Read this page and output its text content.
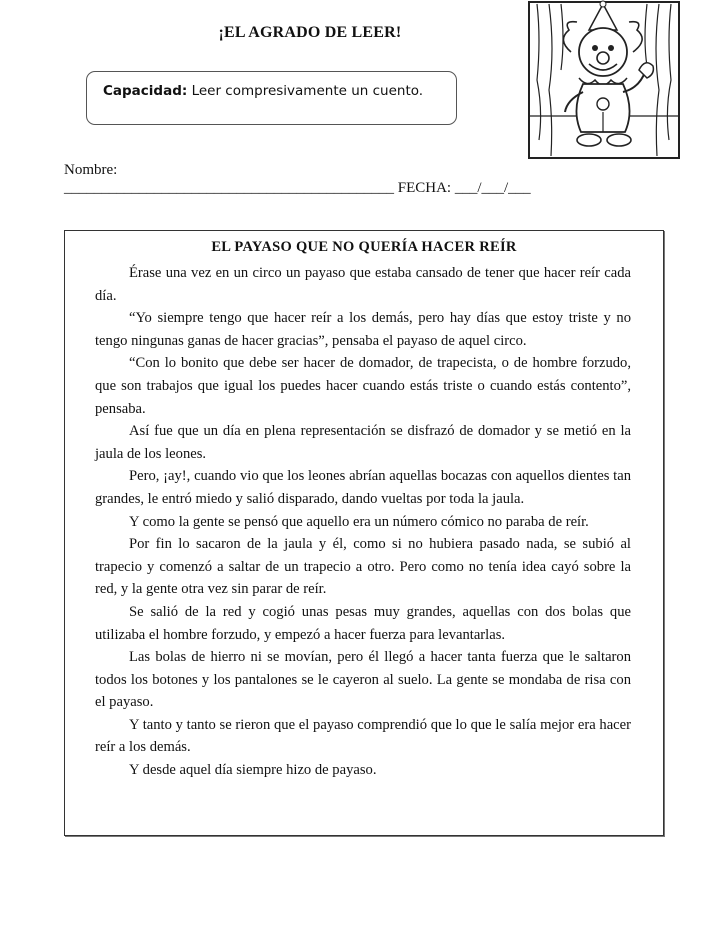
¡EL AGRADO DE LEER!
Capacidad: Leer compresivamente un cuento.
Nombre:
____________________________________________ FECHA: ___/___/___
EL PAYASO QUE NO QUERÍA HACER REÍR

Érase una vez en un circo un payaso que estaba cansado de tener que hacer reír cada día.

“Yo siempre tengo que hacer reír a los demás, pero hay días que estoy triste y no tengo ningunas ganas de hacer gracias”, pensaba el payaso de aquel circo.

“Con lo bonito que debe ser hacer de domador, de trapecista, o de hombre forzudo, que son trabajos que igual los puedes hacer cuando estás triste o cuando estás contento”, pensaba.

Así fue que un día en plena representación se disfrazó de domador y se metió en la jaula de los leones.

Pero, ¡ay!, cuando vio que los leones abrían aquellas bocazas con aquellos dientes tan grandes, le entró miedo y salió disparado, dando vueltas por toda la jaula.

Y como la gente se pensó que aquello era un número cómico no paraba de reír.

Por fin lo sacaron de la jaula y él, como si no hubiera pasado nada, se subió al trapecio y comenzó a saltar de un trapecio a otro. Pero como no tenía idea cayó sobre la red, y la gente otra vez sin parar de reír.

Se salió de la red y cogió unas pesas muy grandes, aquellas con dos bolas que utilizaba el hombre forzudo, y empezó a hacer fuerza para levantarlas.

Las bolas de hierro ni se movían, pero él llegó a hacer tanta fuerza que le saltaron todos los botones y los pantalones se le cayeron al suelo. La gente se mondaba de risa con el payaso.

Y tanto y tanto se rieron que el payaso comprendió que lo que le salía mejor era hacer reír a los demás.

Y desde aquel día siempre hizo de payaso.
